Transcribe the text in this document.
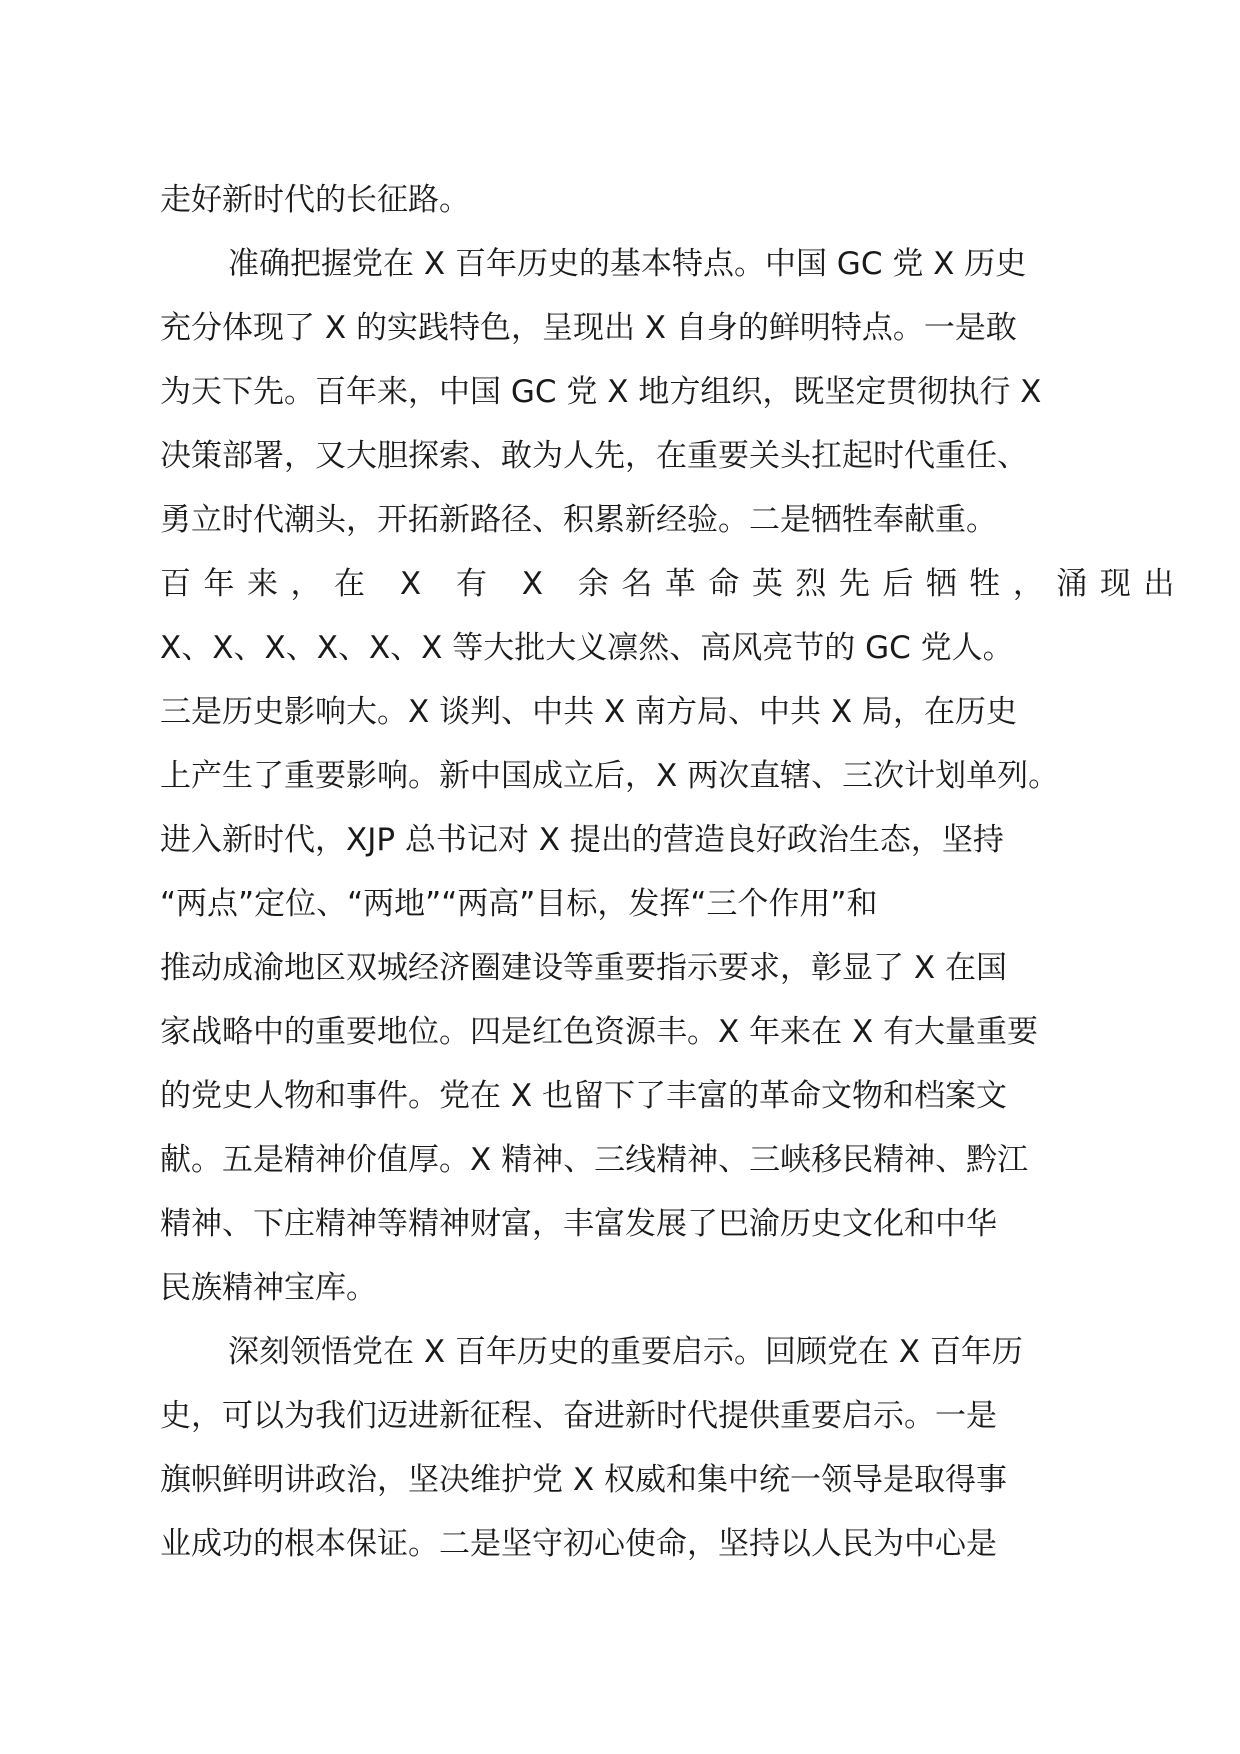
走好新时代的长征路。
准确把握党在 X 百年历史的基本特点。中国 GC 党 X 历史
充分体现了 X 的实践特色，呈现出 X 自身的鲜明特点。一是敢
为天下先。百年来，中国 GC 党 X 地方组织，既坚定贯彻执行 X
决策部署，又大胆探索、敢为人先，在重要关头扛起时代重任、
勇立时代潮头，开拓新路径、积累新经验。二是牺牲奉献重。
百年来，在 X 有 X 余名革命英烈先后牺牲，涌现出
X、X、X、X、X、X 等大批大义凛然、高风亮节的 GC 党人。
三是历史影响大。X 谈判、中共 X 南方局、中共 X 局，在历史
上产生了重要影响。新中国成立后，X 两次直辖、三次计划单列。
进入新时代，XJP 总书记对 X 提出的营造良好政治生态，坚持
“两点”定位、“两地”“两高”目标，发挥“三个作用”和
推动成渝地区双城经济圈建设等重要指示要求，彰显了 X 在国
家战略中的重要地位。四是红色资源丰。X 年来在 X 有大量重要
的党史人物和事件。党在 X 也留下了丰富的革命文物和档案文
献。五是精神价值厚。X 精神、三线精神、三峡移民精神、黔江
精神、下庄精神等精神财富，丰富发展了巴渝历史文化和中华
民族精神宝库。
深刻领悟党在 X 百年历史的重要启示。回顾党在 X 百年历
史，可以为我们迈进新征程、奋进新时代提供重要启示。一是
旗帜鲜明讲政治，坚决维护党 X 权威和集中统一领导是取得事
业成功的根本保证。二是坚守初心使命，坚持以人民为中心是
